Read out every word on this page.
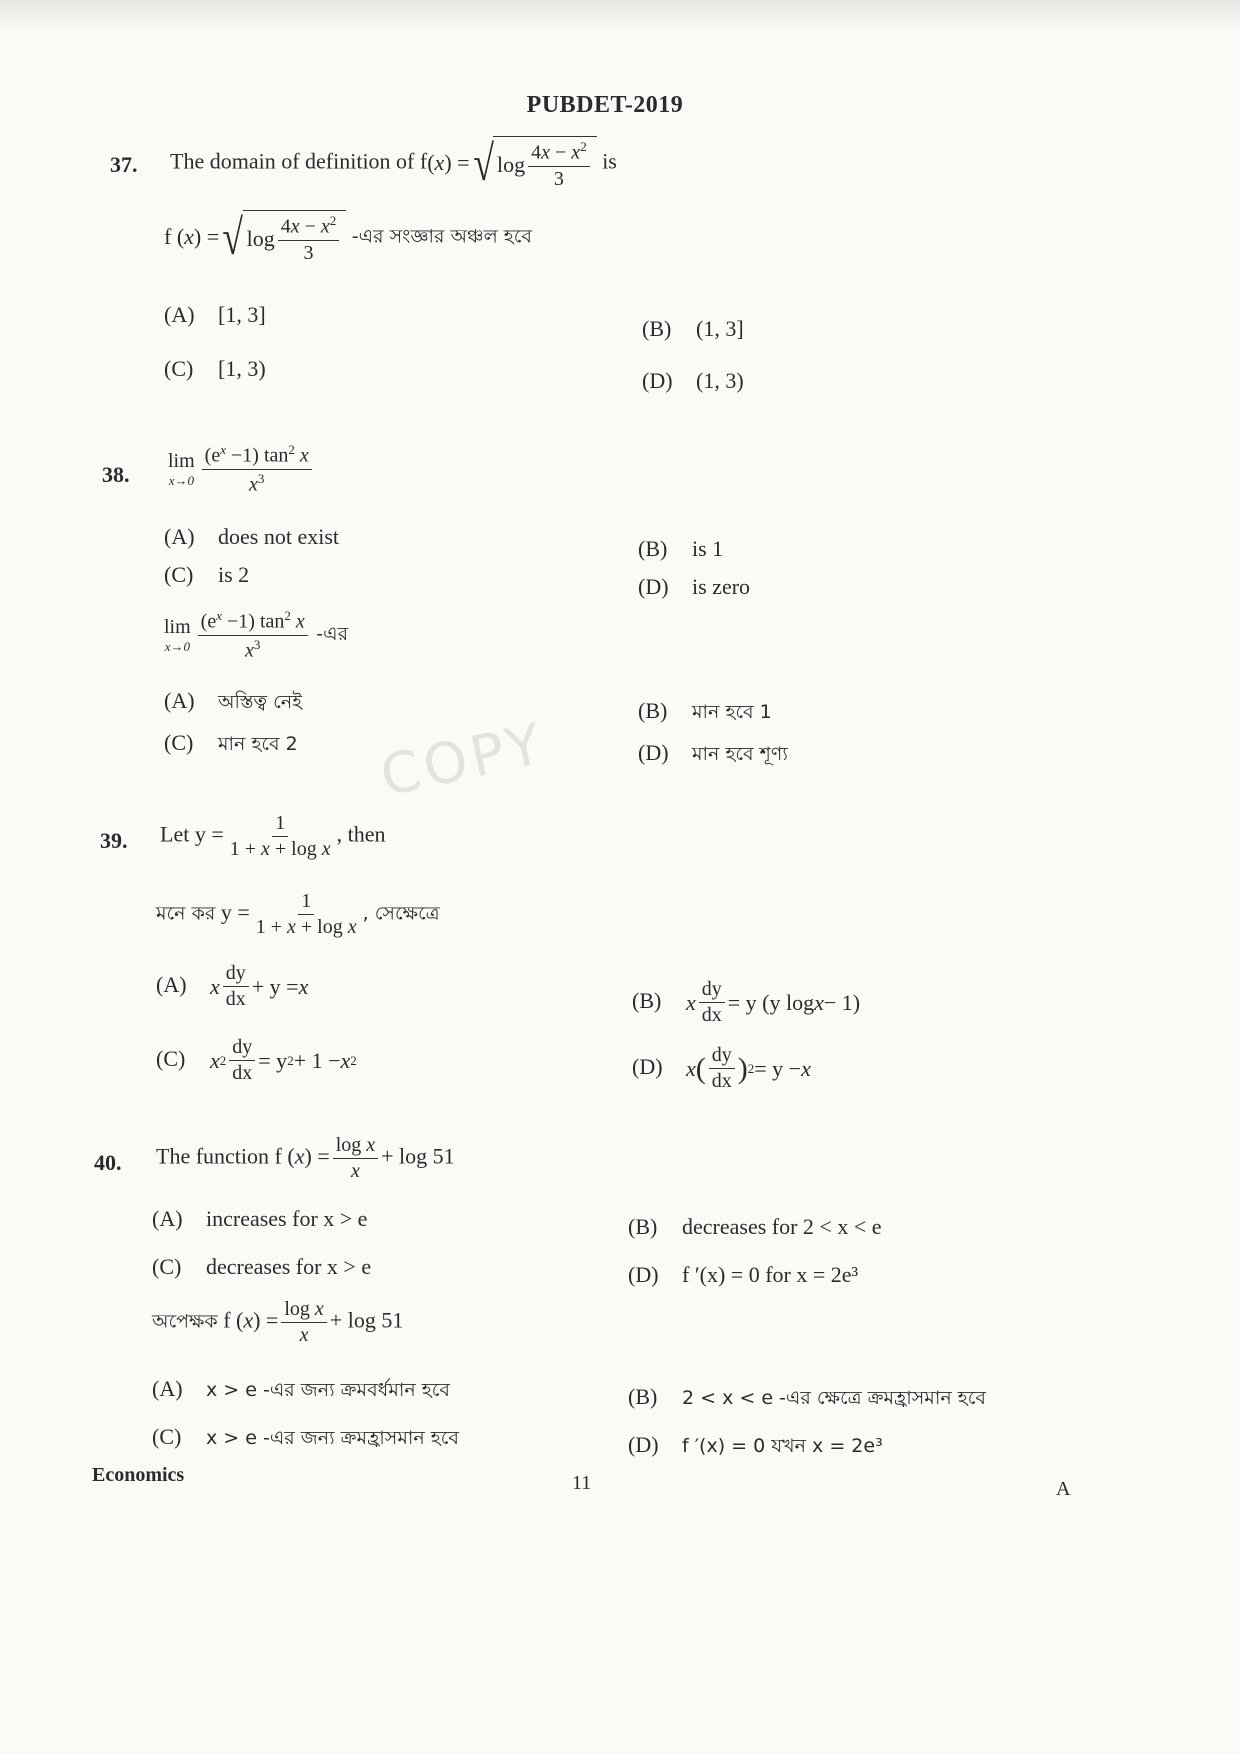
PUBDET-2019
37. The domain of definition of f( x ) = √ $\log \frac{4x - x^2}{3}$ is
f ( x ) = √ $\log \frac{4x - x^2}{3}$ -এর সংজ্ঞার অঞ্চল হবে
(A) [1, 3]
(B) (1, 3]
(C) [1, 3)	(D) (1, 3)
38.
lim
$x\to 0 \frac{(e^x -1) \tan^2 x}{x^3}$
(A) does not exist	(B) is 1
(C) is 2	(D) is zero
lim
$x\to 0 \frac{(e^x -1) \tan^2 x}{x^3}$ -এর
(A) অস্তিত্ব নেই	(B) মান হবে 1
(C) মান হবে 2	(D) মান হবে শূণ্য
COPY
39. Let $y = \frac{1}{\text{1 + x + log x}}$ , then
মনে কর $y = \frac{1}{\text{1 + x + log x}}$ , সেক্ষেত্রে
(A) x $\frac{dy}{dx} + y = x$
(B) x $\frac{dy}{dx} = y$ (y log x − 1)
(C) x $2 \frac{dy}{dx} = y$ 2 + 1 − x 2	(D) x ( $\frac{dy}{dx}$ ) 2 = y − x
40. The function f $(x) = \frac{\text{log x}}{x} + \log 51$
(A) increases for x > e	(B) decreases for 2 < x < e
(C) decreases for x > e	(D) f ′(x) = 0 for x = 2e³
অপেক্ষক f $(x) = \frac{\text{log x}}{x} + \log 51$
(A) x > e -এর জন্য ক্রমবর্ধমান হবে	(B) 2 < x < e -এর ক্ষেত্রে ক্রমহ্রাসমান হবে
(C) x > e -এর জন্য ক্রমহ্রাসমান হবে	(D) f ′(x) = 0 যখন x = 2e³
Economics	11	A
